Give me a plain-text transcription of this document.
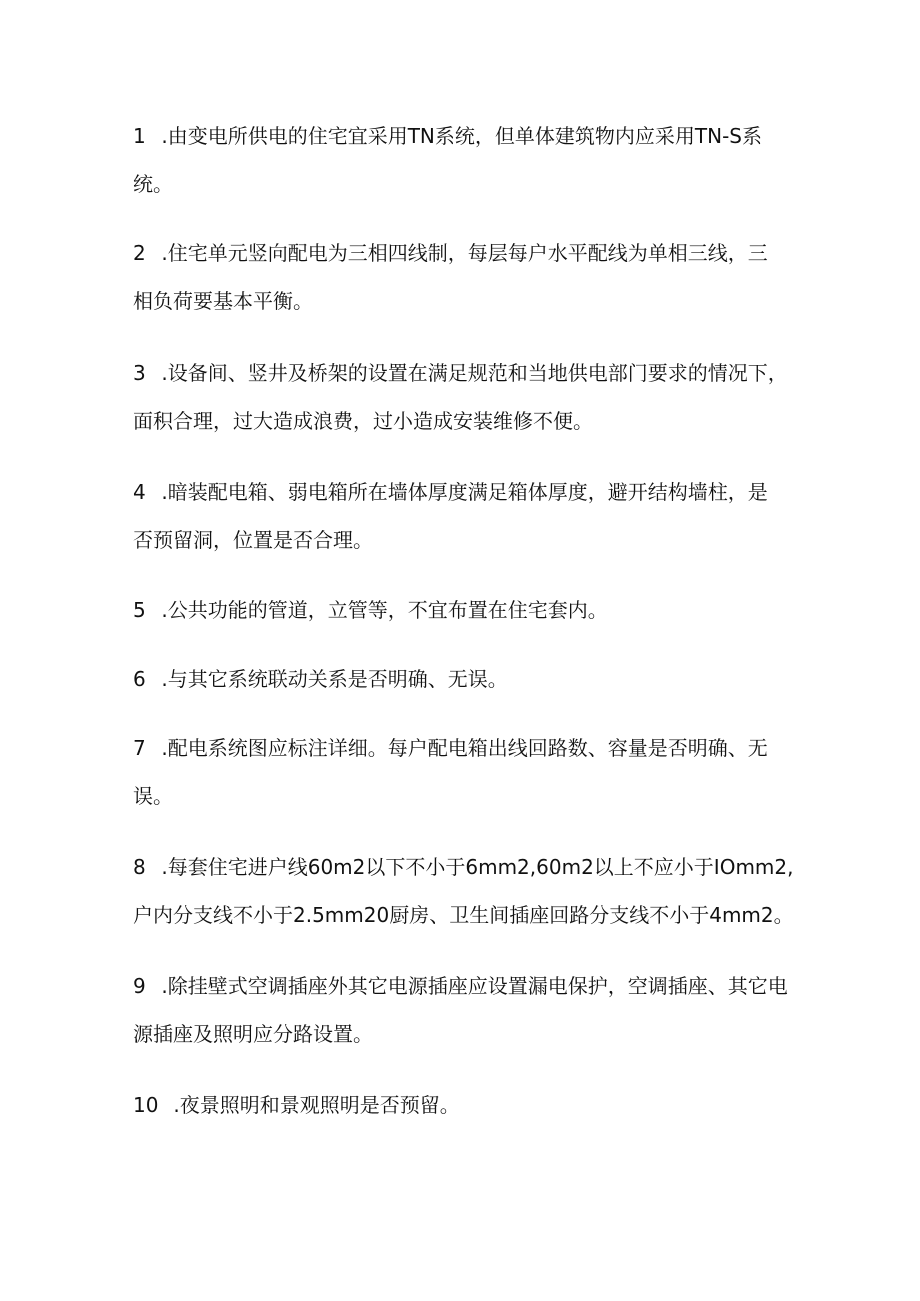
1 .由变电所供电的住宅宜采用TN系统，但单体建筑物内应采用TN-S系
统。
2 .住宅单元竖向配电为三相四线制，每层每户水平配线为单相三线，三
相负荷要基本平衡。
3 .设备间、竖井及桥架的设置在满足规范和当地供电部门要求的情况下，
面积合理，过大造成浪费，过小造成安装维修不便。
4 .暗装配电箱、弱电箱所在墙体厚度满足箱体厚度，避开结构墙柱，是
否预留洞，位置是否合理。
5 .公共功能的管道，立管等，不宜布置在住宅套内。
6 .与其它系统联动关系是否明确、无误。
7 .配电系统图应标注详细。每户配电箱出线回路数、容量是否明确、无
误。
8 .每套住宅进户线60m2以下不小于6mm2,60m2以上不应小于IOmm2,
户内分支线不小于2.5mm20厨房、卫生间插座回路分支线不小于4mm2。
9 .除挂壁式空调插座外其它电源插座应设置漏电保护，空调插座、其它电
源插座及照明应分路设置。
10 .夜景照明和景观照明是否预留。
